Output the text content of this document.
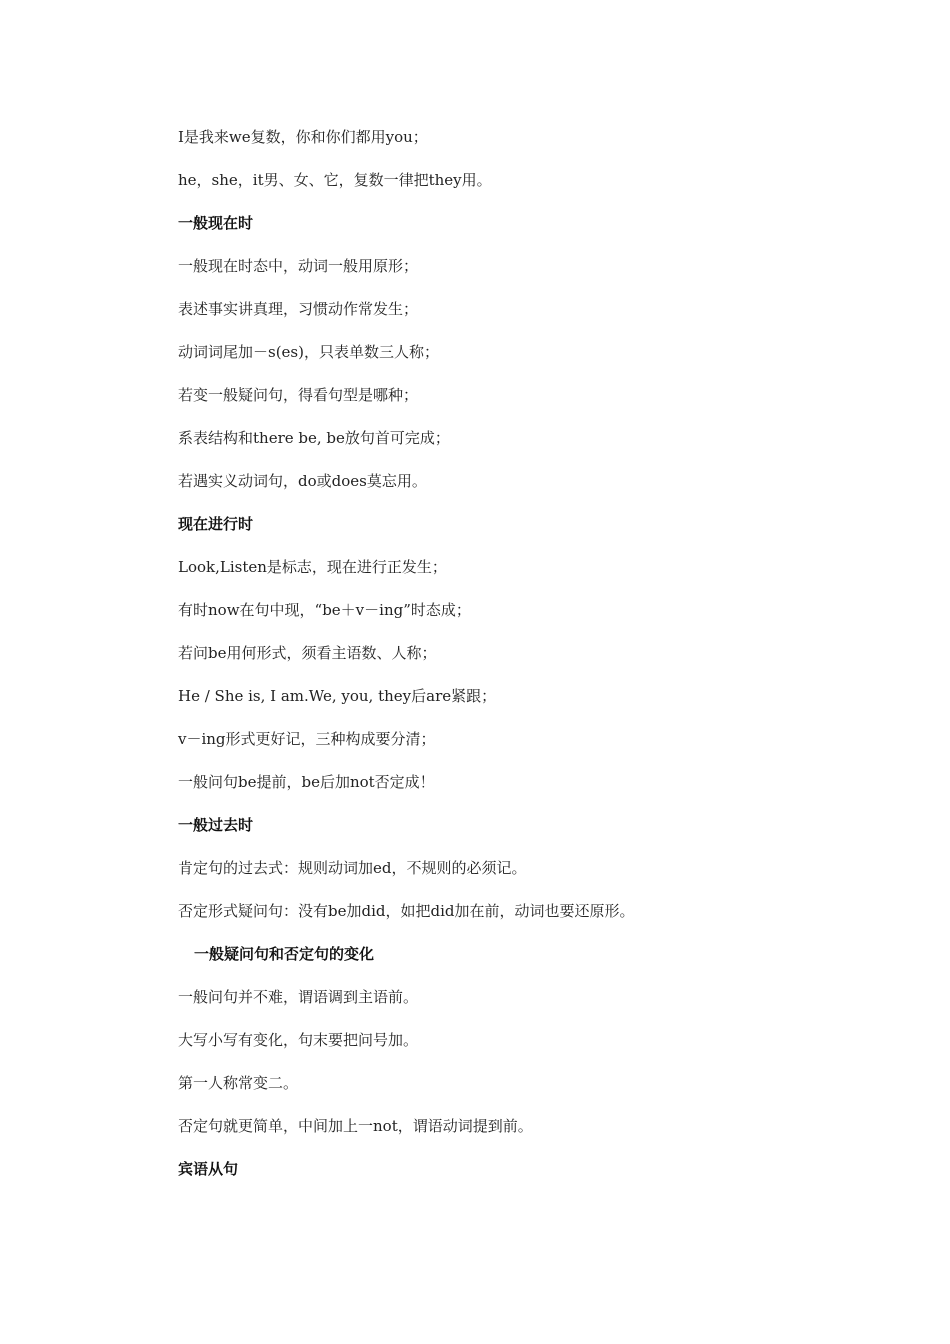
I是我来we复数，你和你们都用you；
he，she，it男、女、它，复数一律把they用。
一般现在时
一般现在时态中，动词一般用原形；
表述事实讲真理，习惯动作常发生；
动词词尾加－s(es)，只表单数三人称；
若变一般疑问句，得看句型是哪种；
系表结构和there be, be放句首可完成；
若遇实义动词句，do或does莫忘用。
现在进行时
Look,Listen是标志，现在进行正发生；
有时now在句中现，“be＋v－ing”时态成；
若问be用何形式，须看主语数、人称；
He / She is, I am.We, you, they后are紧跟；
v－ing形式更好记，三种构成要分清；
一般问句be提前，be后加not否定成！
一般过去时
肯定句的过去式：规则动词加ed，不规则的必须记。
否定形式疑问句：没有be加did，如把did加在前，动词也要还原形。
一般疑问句和否定句的变化
一般问句并不难，谓语调到主语前。
大写小写有变化，句末要把问号加。
第一人称常变二。
否定句就更简单，中间加上一not，谓语动词提到前。
宾语从句
